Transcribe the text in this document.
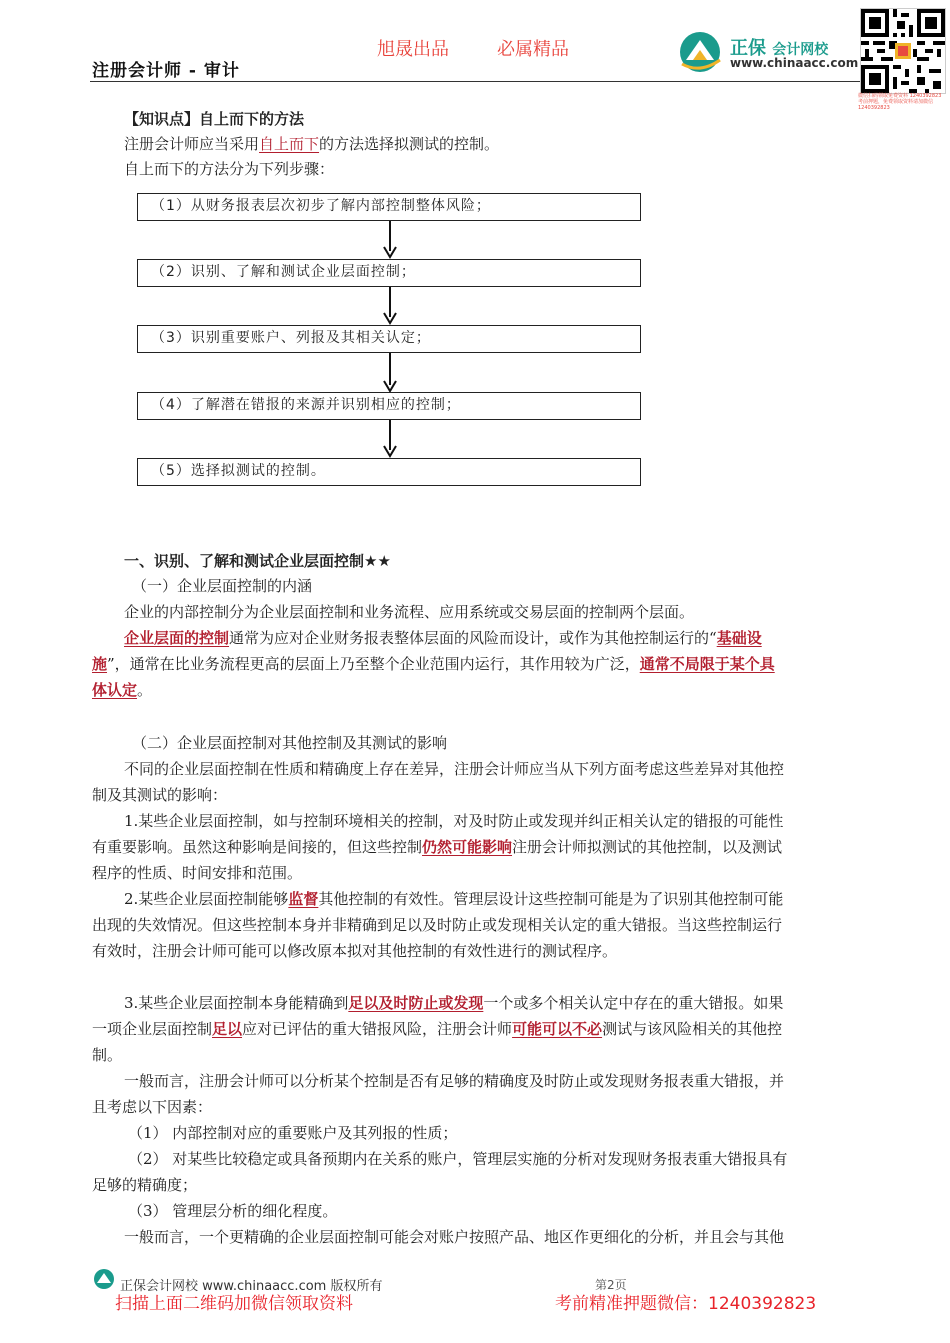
旭晟出品	必属精品
注册会计师 - 审计
正保 会计网校
www.chinaacc.com
微信扫码领取免费资料 1240392823
考前押题，免费领取资料请加微信 1240392823
【知识点】自上而下的方法
注册会计师应当采用自上而下的方法选择拟测试的控制。
自上而下的方法分为下列步骤：
（1）从财务报表层次初步了解内部控制整体风险；
（2）识别、了解和测试企业层面控制；
（3）识别重要账户、列报及其相关认定；
（4）了解潜在错报的来源并识别相应的控制；
（5）选择拟测试的控制。
一、识别、了解和测试企业层面控制★★
（一）企业层面控制的内涵
企业的内部控制分为企业层面控制和业务流程、应用系统或交易层面的控制两个层面。
企业层面的控制通常为应对企业财务报表整体层面的风险而设计，或作为其他控制运行的“基础设
施”，通常在比业务流程更高的层面上乃至整个企业范围内运行，其作用较为广泛，通常不局限于某个具
体认定。
（二）企业层面控制对其他控制及其测试的影响
不同的企业层面控制在性质和精确度上存在差异，注册会计师应当从下列方面考虑这些差异对其他控
制及其测试的影响：
1.某些企业层面控制，如与控制环境相关的控制，对及时防止或发现并纠正相关认定的错报的可能性
有重要影响。虽然这种影响是间接的，但这些控制仍然可能影响注册会计师拟测试的其他控制，以及测试
程序的性质、时间安排和范围。
2.某些企业层面控制能够监督其他控制的有效性。管理层设计这些控制可能是为了识别其他控制可能
出现的失效情况。但这些控制本身并非精确到足以及时防止或发现相关认定的重大错报。当这些控制运行
有效时，注册会计师可能可以修改原本拟对其他控制的有效性进行的测试程序。
3.某些企业层面控制本身能精确到足以及时防止或发现一个或多个相关认定中存在的重大错报。如果
一项企业层面控制足以应对已评估的重大错报风险，注册会计师可能可以不必测试与该风险相关的其他控
制。
一般而言，注册会计师可以分析某个控制是否有足够的精确度及时防止或发现财务报表重大错报，并
且考虑以下因素：
（1） 内部控制对应的重要账户及其列报的性质；
（2） 对某些比较稳定或具备预期内在关系的账户，管理层实施的分析对发现财务报表重大错报具有
足够的精确度；
（3） 管理层分析的细化程度。
一般而言，一个更精确的企业层面控制可能会对账户按照产品、地区作更细化的分析，并且会与其他
正保会计网校 www.chinaacc.com 版权所有	第2页
扫描上面二维码加微信领取资料	考前精准押题微信：1240392823
